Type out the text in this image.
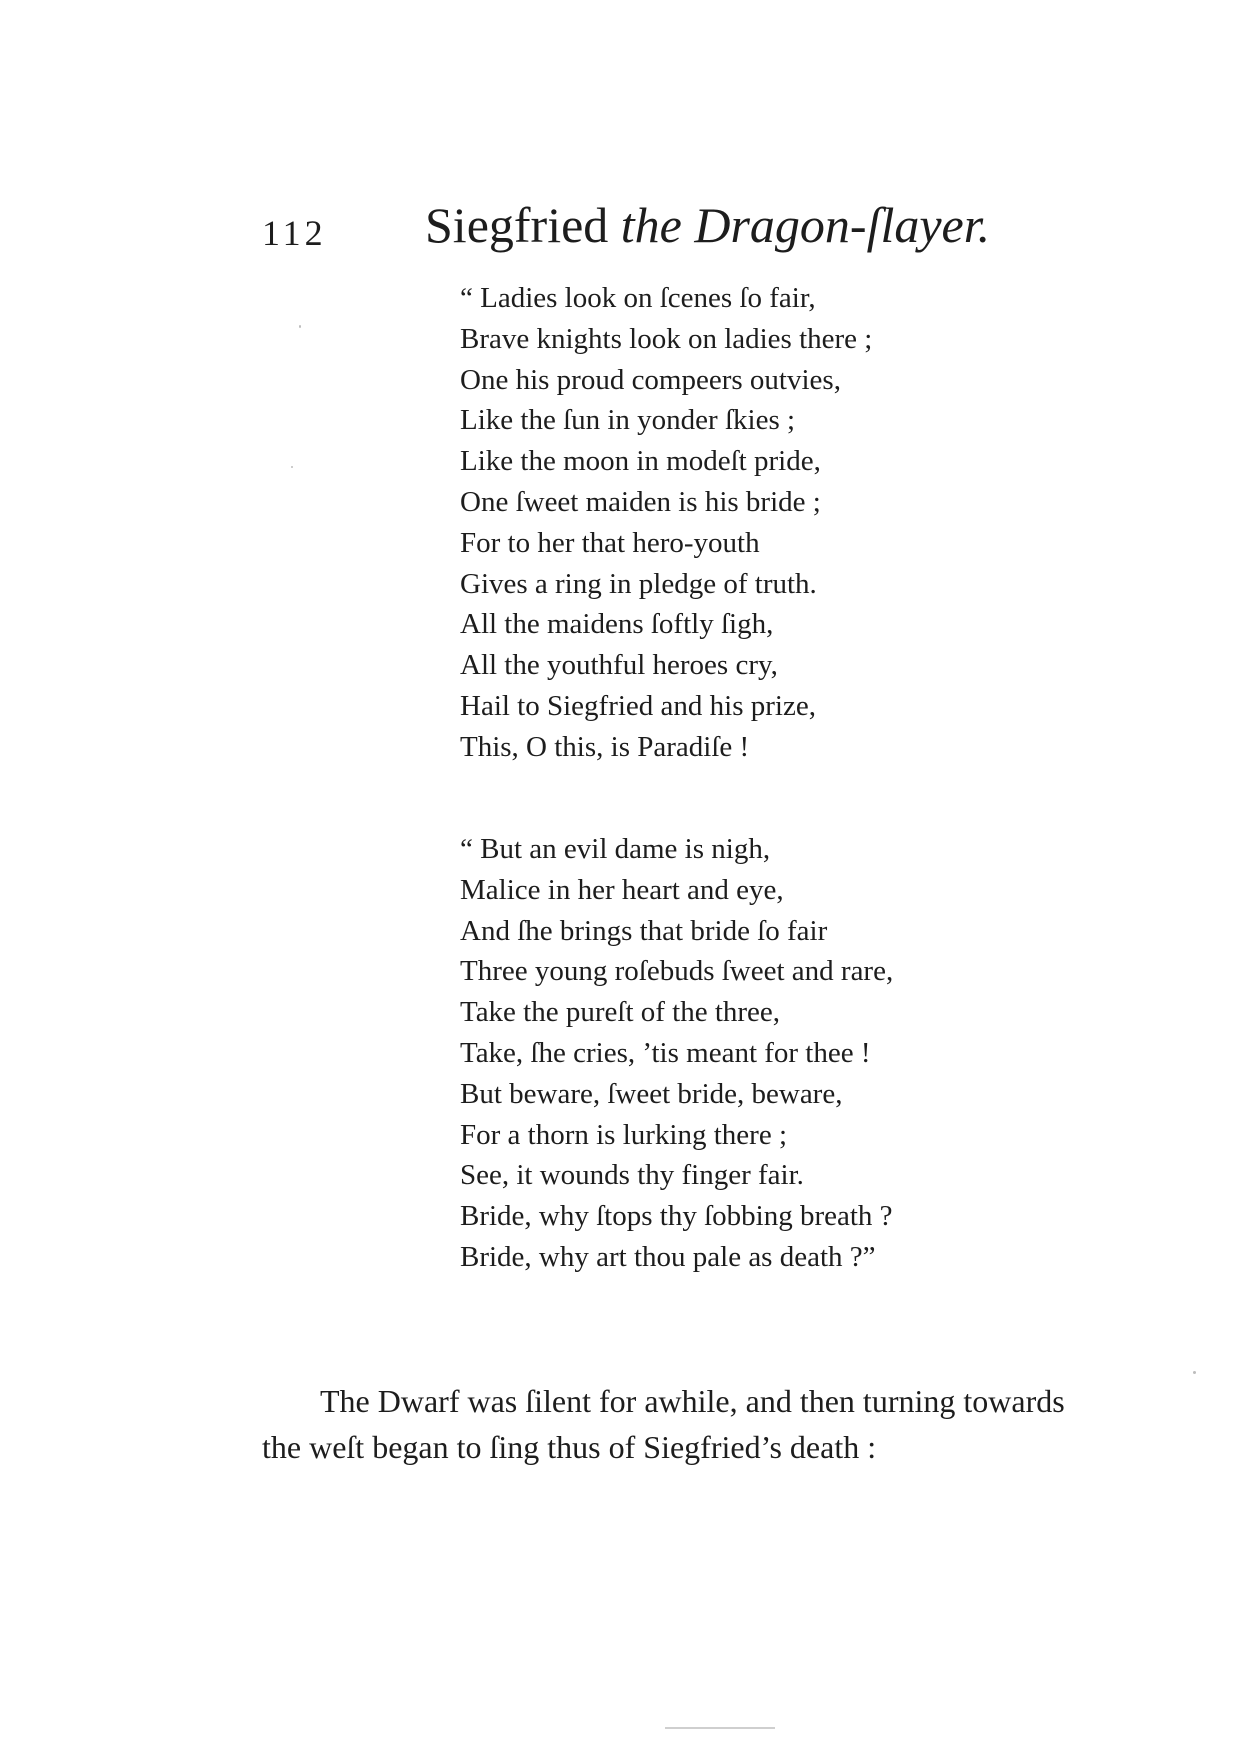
112 Siegfried the Dragon-ſlayer.
“ Ladies look on ſcenes ſo fair,
Brave knights look on ladies there ;
One his proud compeers outvies,
Like the ſun in yonder ſkies ;
Like the moon in modeſt pride,
One ſweet maiden is his bride ;
For to her that hero-youth
Gives a ring in pledge of truth.
All the maidens ſoftly ſigh,
All the youthful heroes cry,
Hail to Siegfried and his prize,
This, O this, is Paradiſe !
“ But an evil dame is nigh,
Malice in her heart and eye,
And ſhe brings that bride ſo fair
Three young roſebuds ſweet and rare,
Take the pureſt of the three,
Take, ſhe cries, ’tis meant for thee !
But beware, ſweet bride, beware,
For a thorn is lurking there ;
See, it wounds thy finger fair.
Bride, why ſtops thy ſobbing breath ?
Bride, why art thou pale as death ?”

The Dwarf was ſilent for awhile, and then turning towards
the weſt began to ſing thus of Siegfried’s death :
